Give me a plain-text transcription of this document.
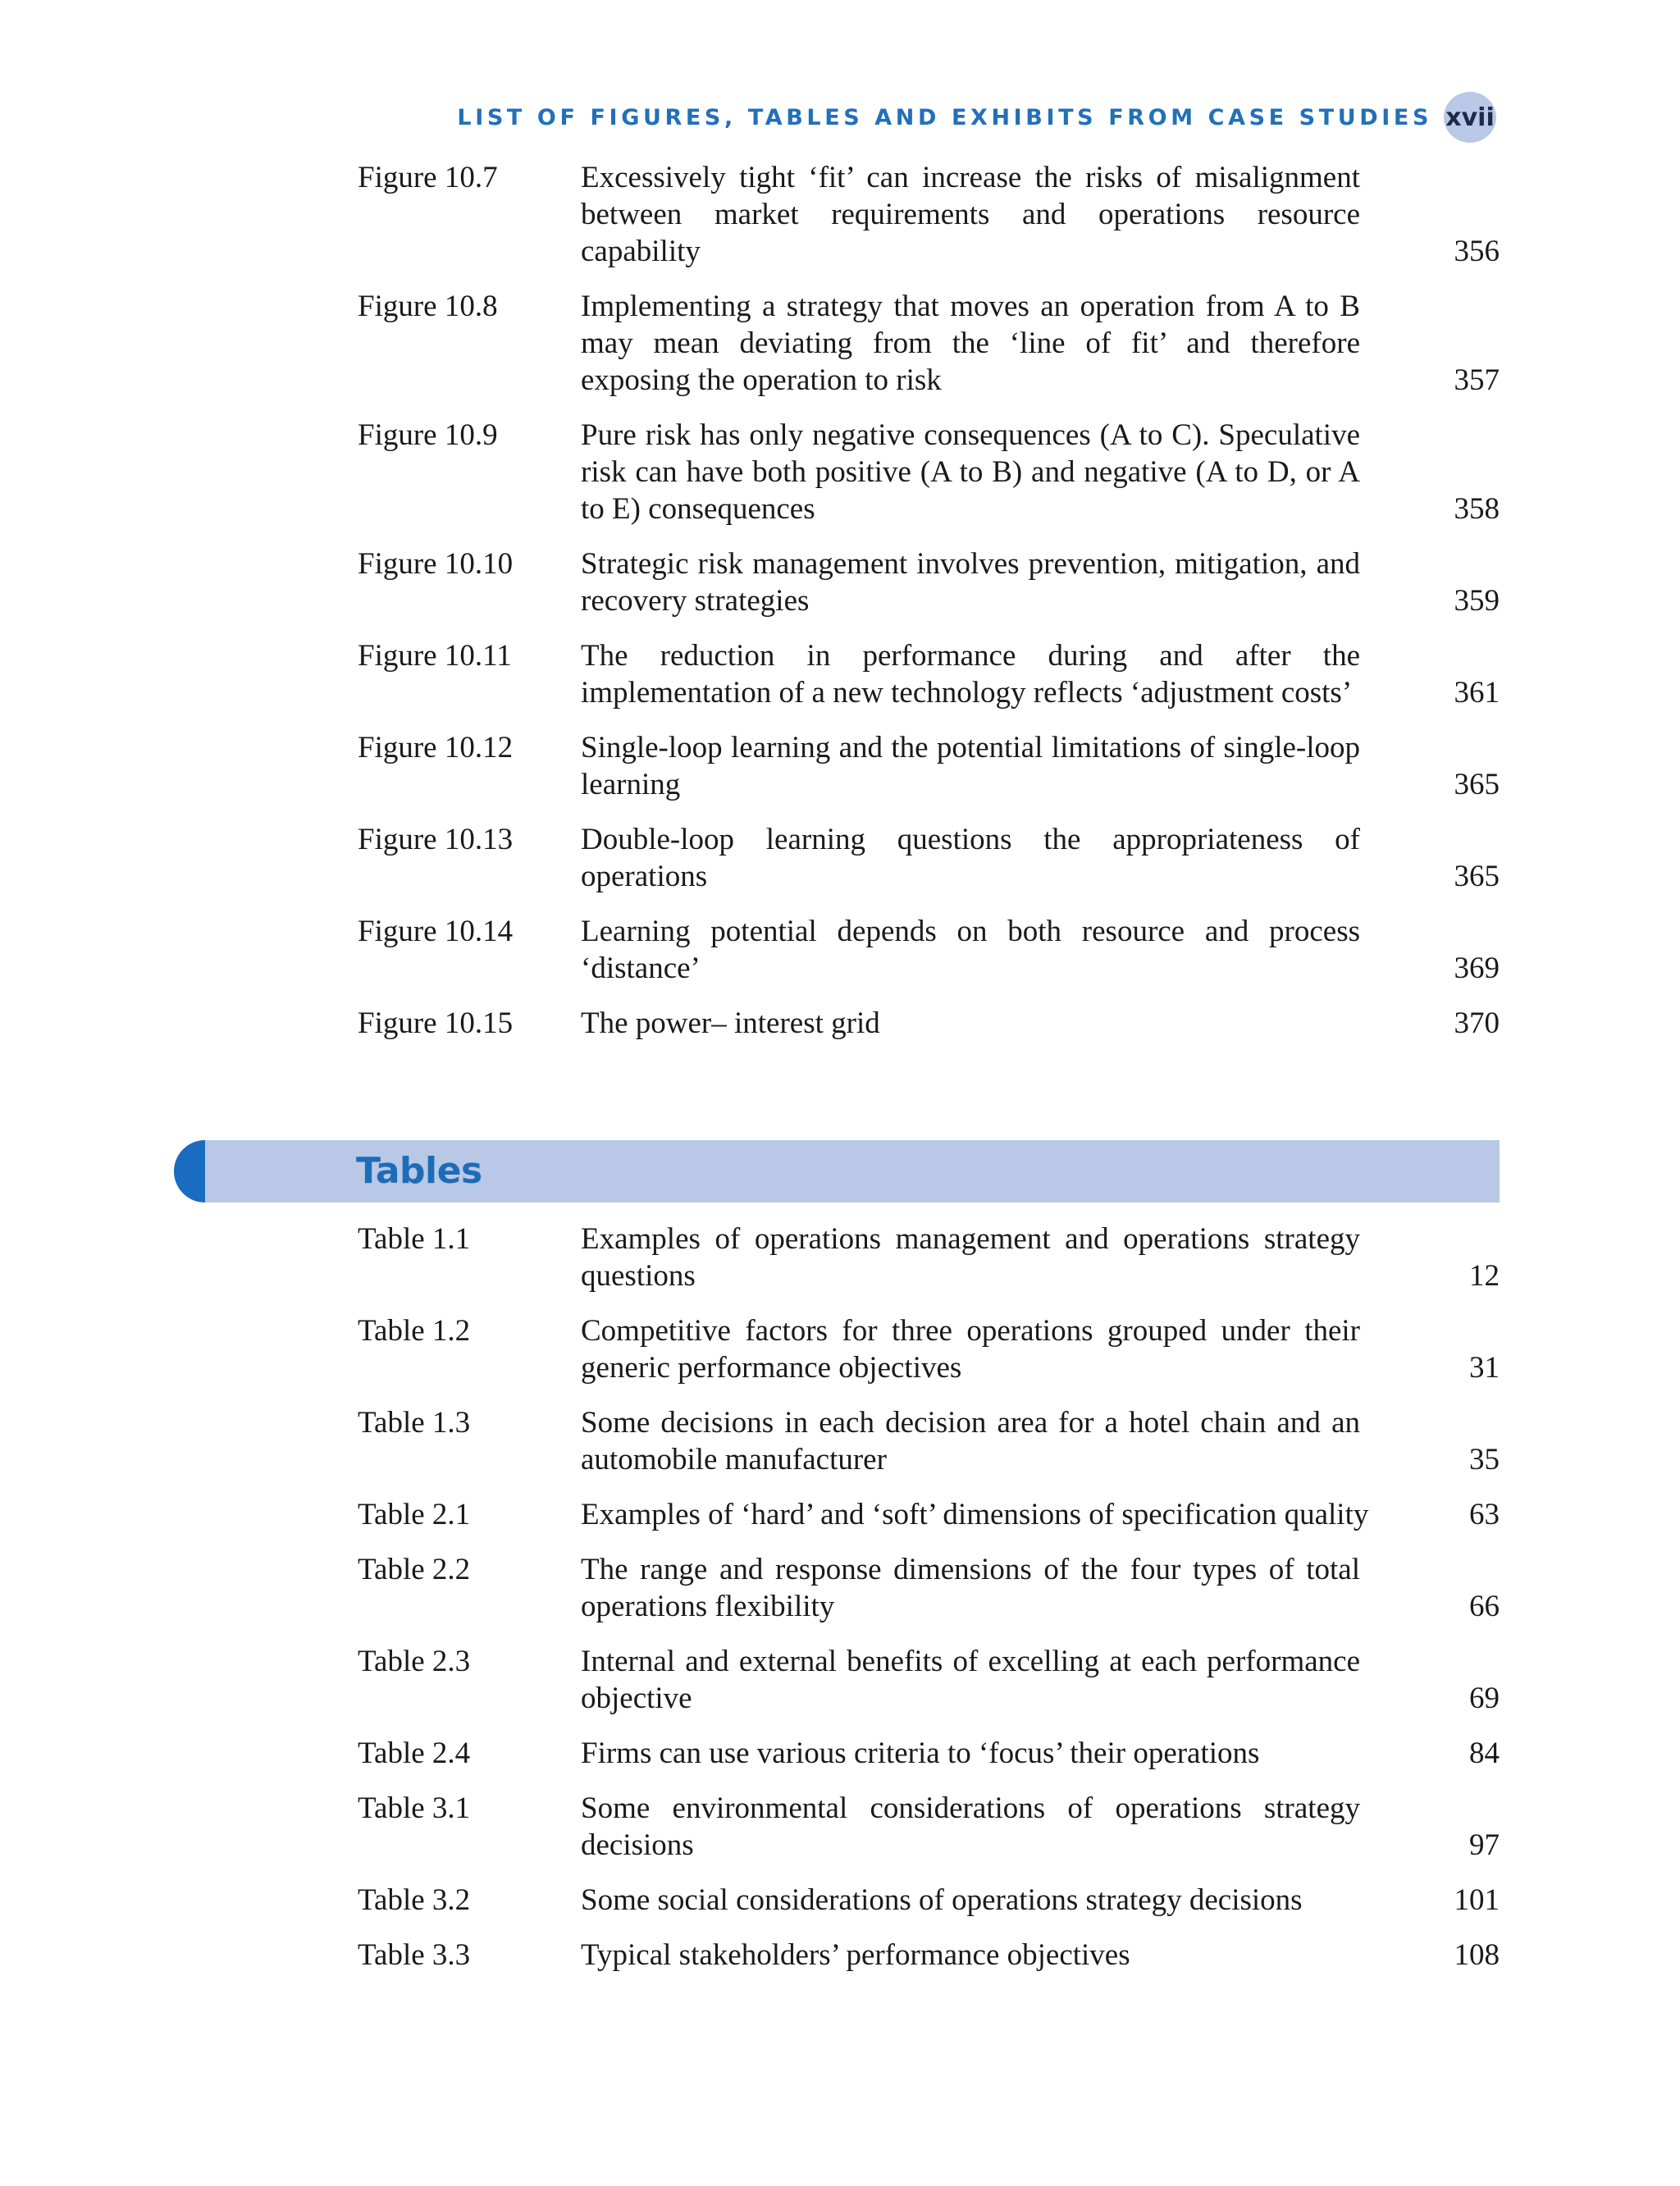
LIST OF FIGURES, TABLES AND EXHIBITS FROM CASE STUDIES xvii
Figure 10.7	Excessively tight ‘fit’ can increase the risks of misalignment between market requirements and operations resource capability	356
Figure 10.8	Implementing a strategy that moves an operation from A to B may mean deviating from the ‘line of fit’ and therefore exposing the operation to risk	357
Figure 10.9	Pure risk has only negative consequences (A to C). Speculative risk can have both positive (A to B) and negative (A to D, or A to E) consequences	358
Figure 10.10	Strategic risk management involves prevention, mitigation, and recovery strategies	359
Figure 10.11	The reduction in performance during and after the implementation of a new technology reflects ‘adjustment costs’	361
Figure 10.12	Single-loop learning and the potential limitations of single-loop learning	365
Figure 10.13	Double-loop learning questions the appropriateness of operations	365
Figure 10.14	Learning potential depends on both resource and process ‘distance’	369
Figure 10.15	The power– interest grid	370
Tables
Table 1.1	Examples of operations management and operations strategy questions	12
Table 1.2	Competitive factors for three operations grouped under their generic performance objectives	31
Table 1.3	Some decisions in each decision area for a hotel chain and an automobile manufacturer	35
Table 2.1	Examples of ‘hard’ and ‘soft’ dimensions of specification quality	63
Table 2.2	The range and response dimensions of the four types of total operations flexibility	66
Table 2.3	Internal and external benefits of excelling at each performance objective	69
Table 2.4	Firms can use various criteria to ‘focus’ their operations	84
Table 3.1	Some environmental considerations of operations strategy decisions	97
Table 3.2	Some social considerations of operations strategy decisions	101
Table 3.3	Typical stakeholders’ performance objectives	108
